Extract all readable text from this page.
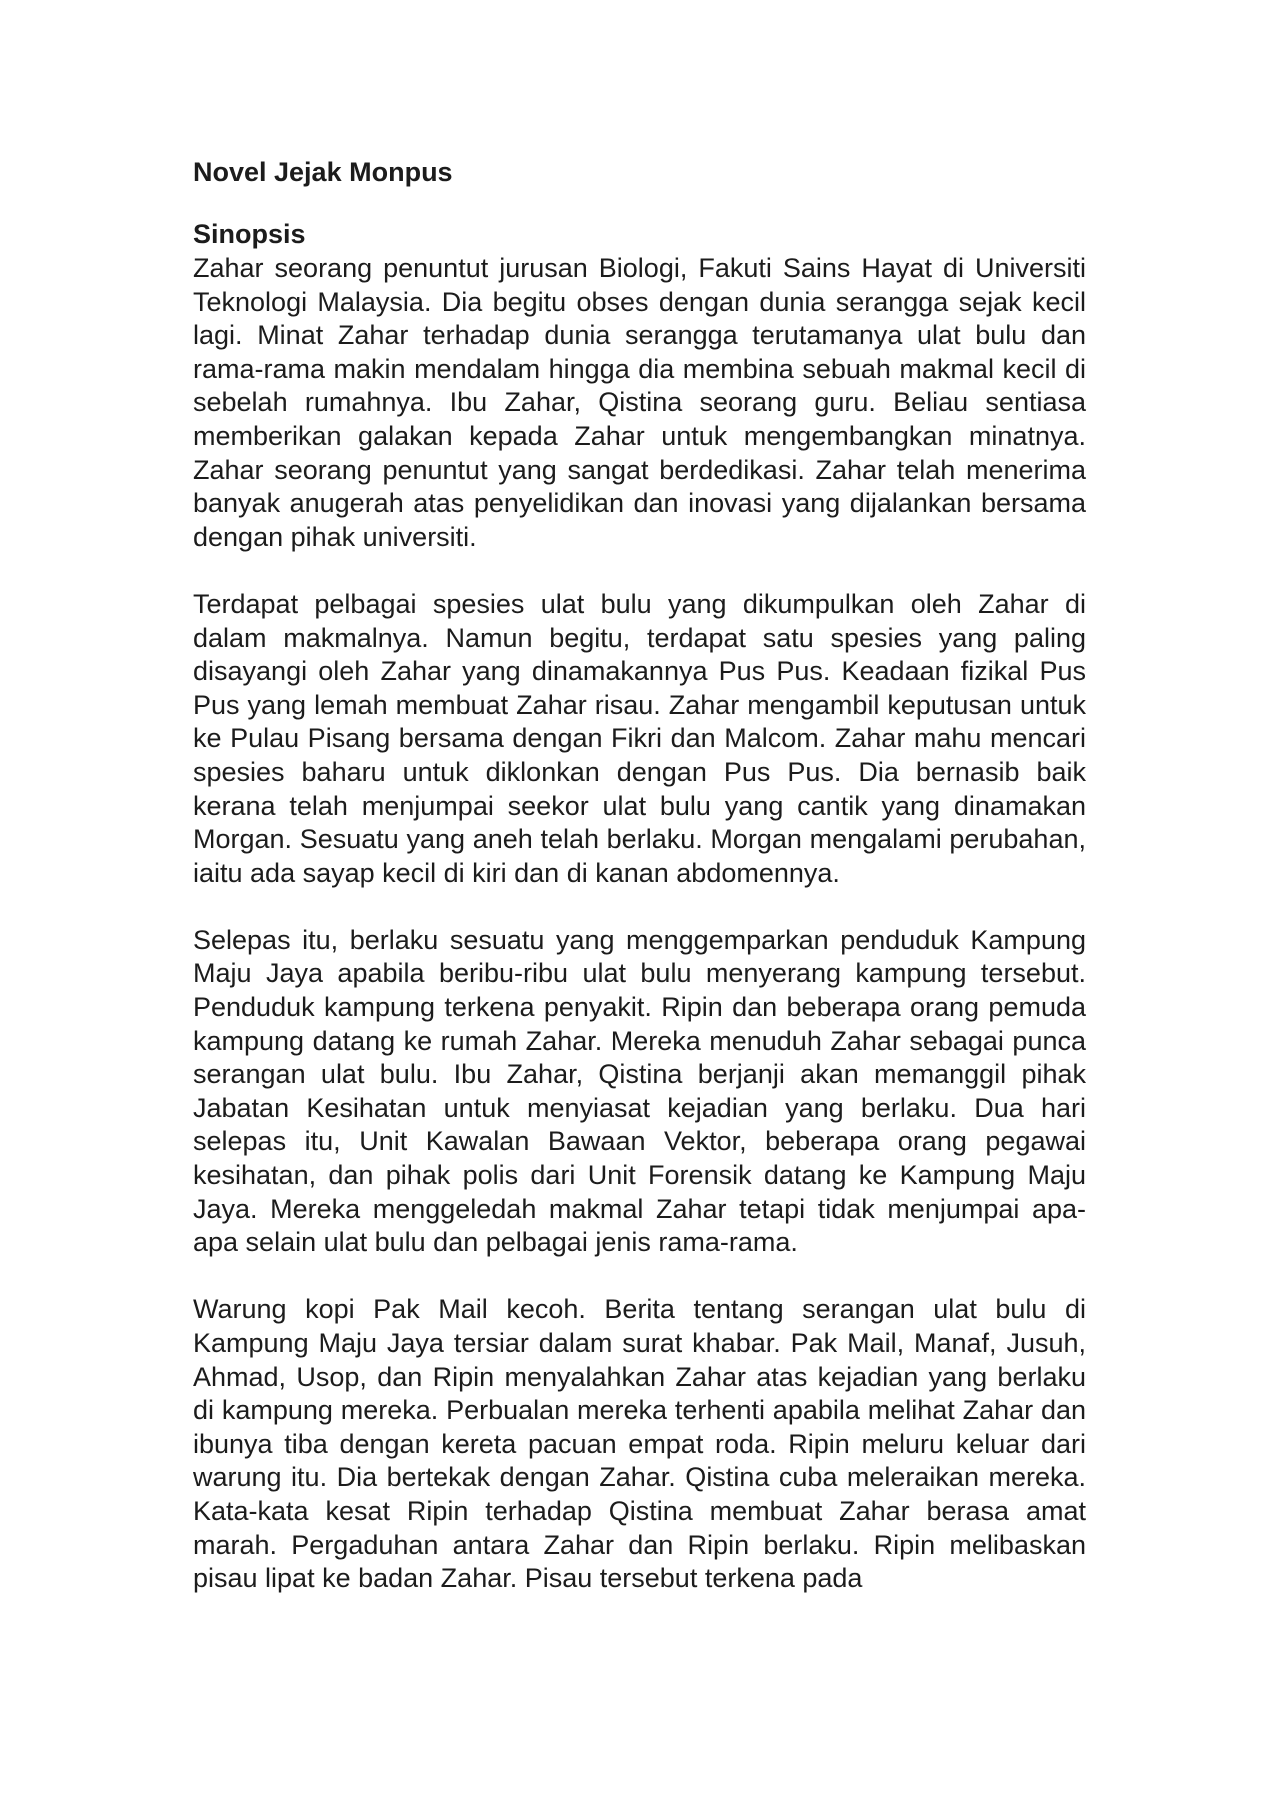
Novel Jejak Monpus
Sinopsis

Zahar seorang penuntut jurusan Biologi, Fakuti Sains Hayat di Universiti Teknologi Malaysia. Dia begitu obses dengan dunia serangga sejak kecil lagi. Minat Zahar terhadap dunia serangga terutamanya ulat bulu dan rama-rama makin mendalam hingga dia membina sebuah makmal kecil di sebelah rumahnya. Ibu Zahar, Qistina seorang guru. Beliau sentiasa memberikan galakan kepada Zahar untuk mengembangkan minatnya. Zahar seorang penuntut yang sangat berdedikasi. Zahar telah menerima banyak anugerah atas penyelidikan dan inovasi yang dijalankan bersama dengan pihak universiti.

Terdapat pelbagai spesies ulat bulu yang dikumpulkan oleh Zahar di dalam makmalnya. Namun begitu, terdapat satu spesies yang paling disayangi oleh Zahar yang dinamakannya Pus Pus. Keadaan fizikal Pus Pus yang lemah membuat Zahar risau. Zahar mengambil keputusan untuk ke Pulau Pisang bersama dengan Fikri dan Malcom. Zahar mahu mencari spesies baharu untuk diklonkan dengan Pus Pus. Dia bernasib baik kerana telah menjumpai seekor ulat bulu yang cantik yang dinamakan Morgan. Sesuatu yang aneh telah berlaku. Morgan mengalami perubahan, iaitu ada sayap kecil di kiri dan di kanan abdomennya.

Selepas itu, berlaku sesuatu yang menggemparkan penduduk Kampung Maju Jaya apabila beribu-ribu ulat bulu menyerang kampung tersebut. Penduduk kampung terkena penyakit. Ripin dan beberapa orang pemuda kampung datang ke rumah Zahar. Mereka menuduh Zahar sebagai punca serangan ulat bulu. Ibu Zahar, Qistina berjanji akan memanggil pihak Jabatan Kesihatan untuk menyiasat kejadian yang berlaku. Dua hari selepas itu, Unit Kawalan Bawaan Vektor, beberapa orang pegawai kesihatan, dan pihak polis dari Unit Forensik datang ke Kampung Maju Jaya. Mereka menggeledah makmal Zahar tetapi tidak menjumpai apa-apa selain ulat bulu dan pelbagai jenis rama-rama.

Warung kopi Pak Mail kecoh. Berita tentang serangan ulat bulu di Kampung Maju Jaya tersiar dalam surat khabar. Pak Mail, Manaf, Jusuh, Ahmad, Usop, dan Ripin menyalahkan Zahar atas kejadian yang berlaku di kampung mereka. Perbualan mereka terhenti apabila melihat Zahar dan ibunya tiba dengan kereta pacuan empat roda. Ripin meluru keluar dari warung itu. Dia bertekak dengan Zahar. Qistina cuba meleraikan mereka. Kata-kata kesat Ripin terhadap Qistina membuat Zahar berasa amat marah. Pergaduhan antara Zahar dan Ripin berlaku. Ripin melibaskan pisau lipat ke badan Zahar. Pisau tersebut terkena pada
